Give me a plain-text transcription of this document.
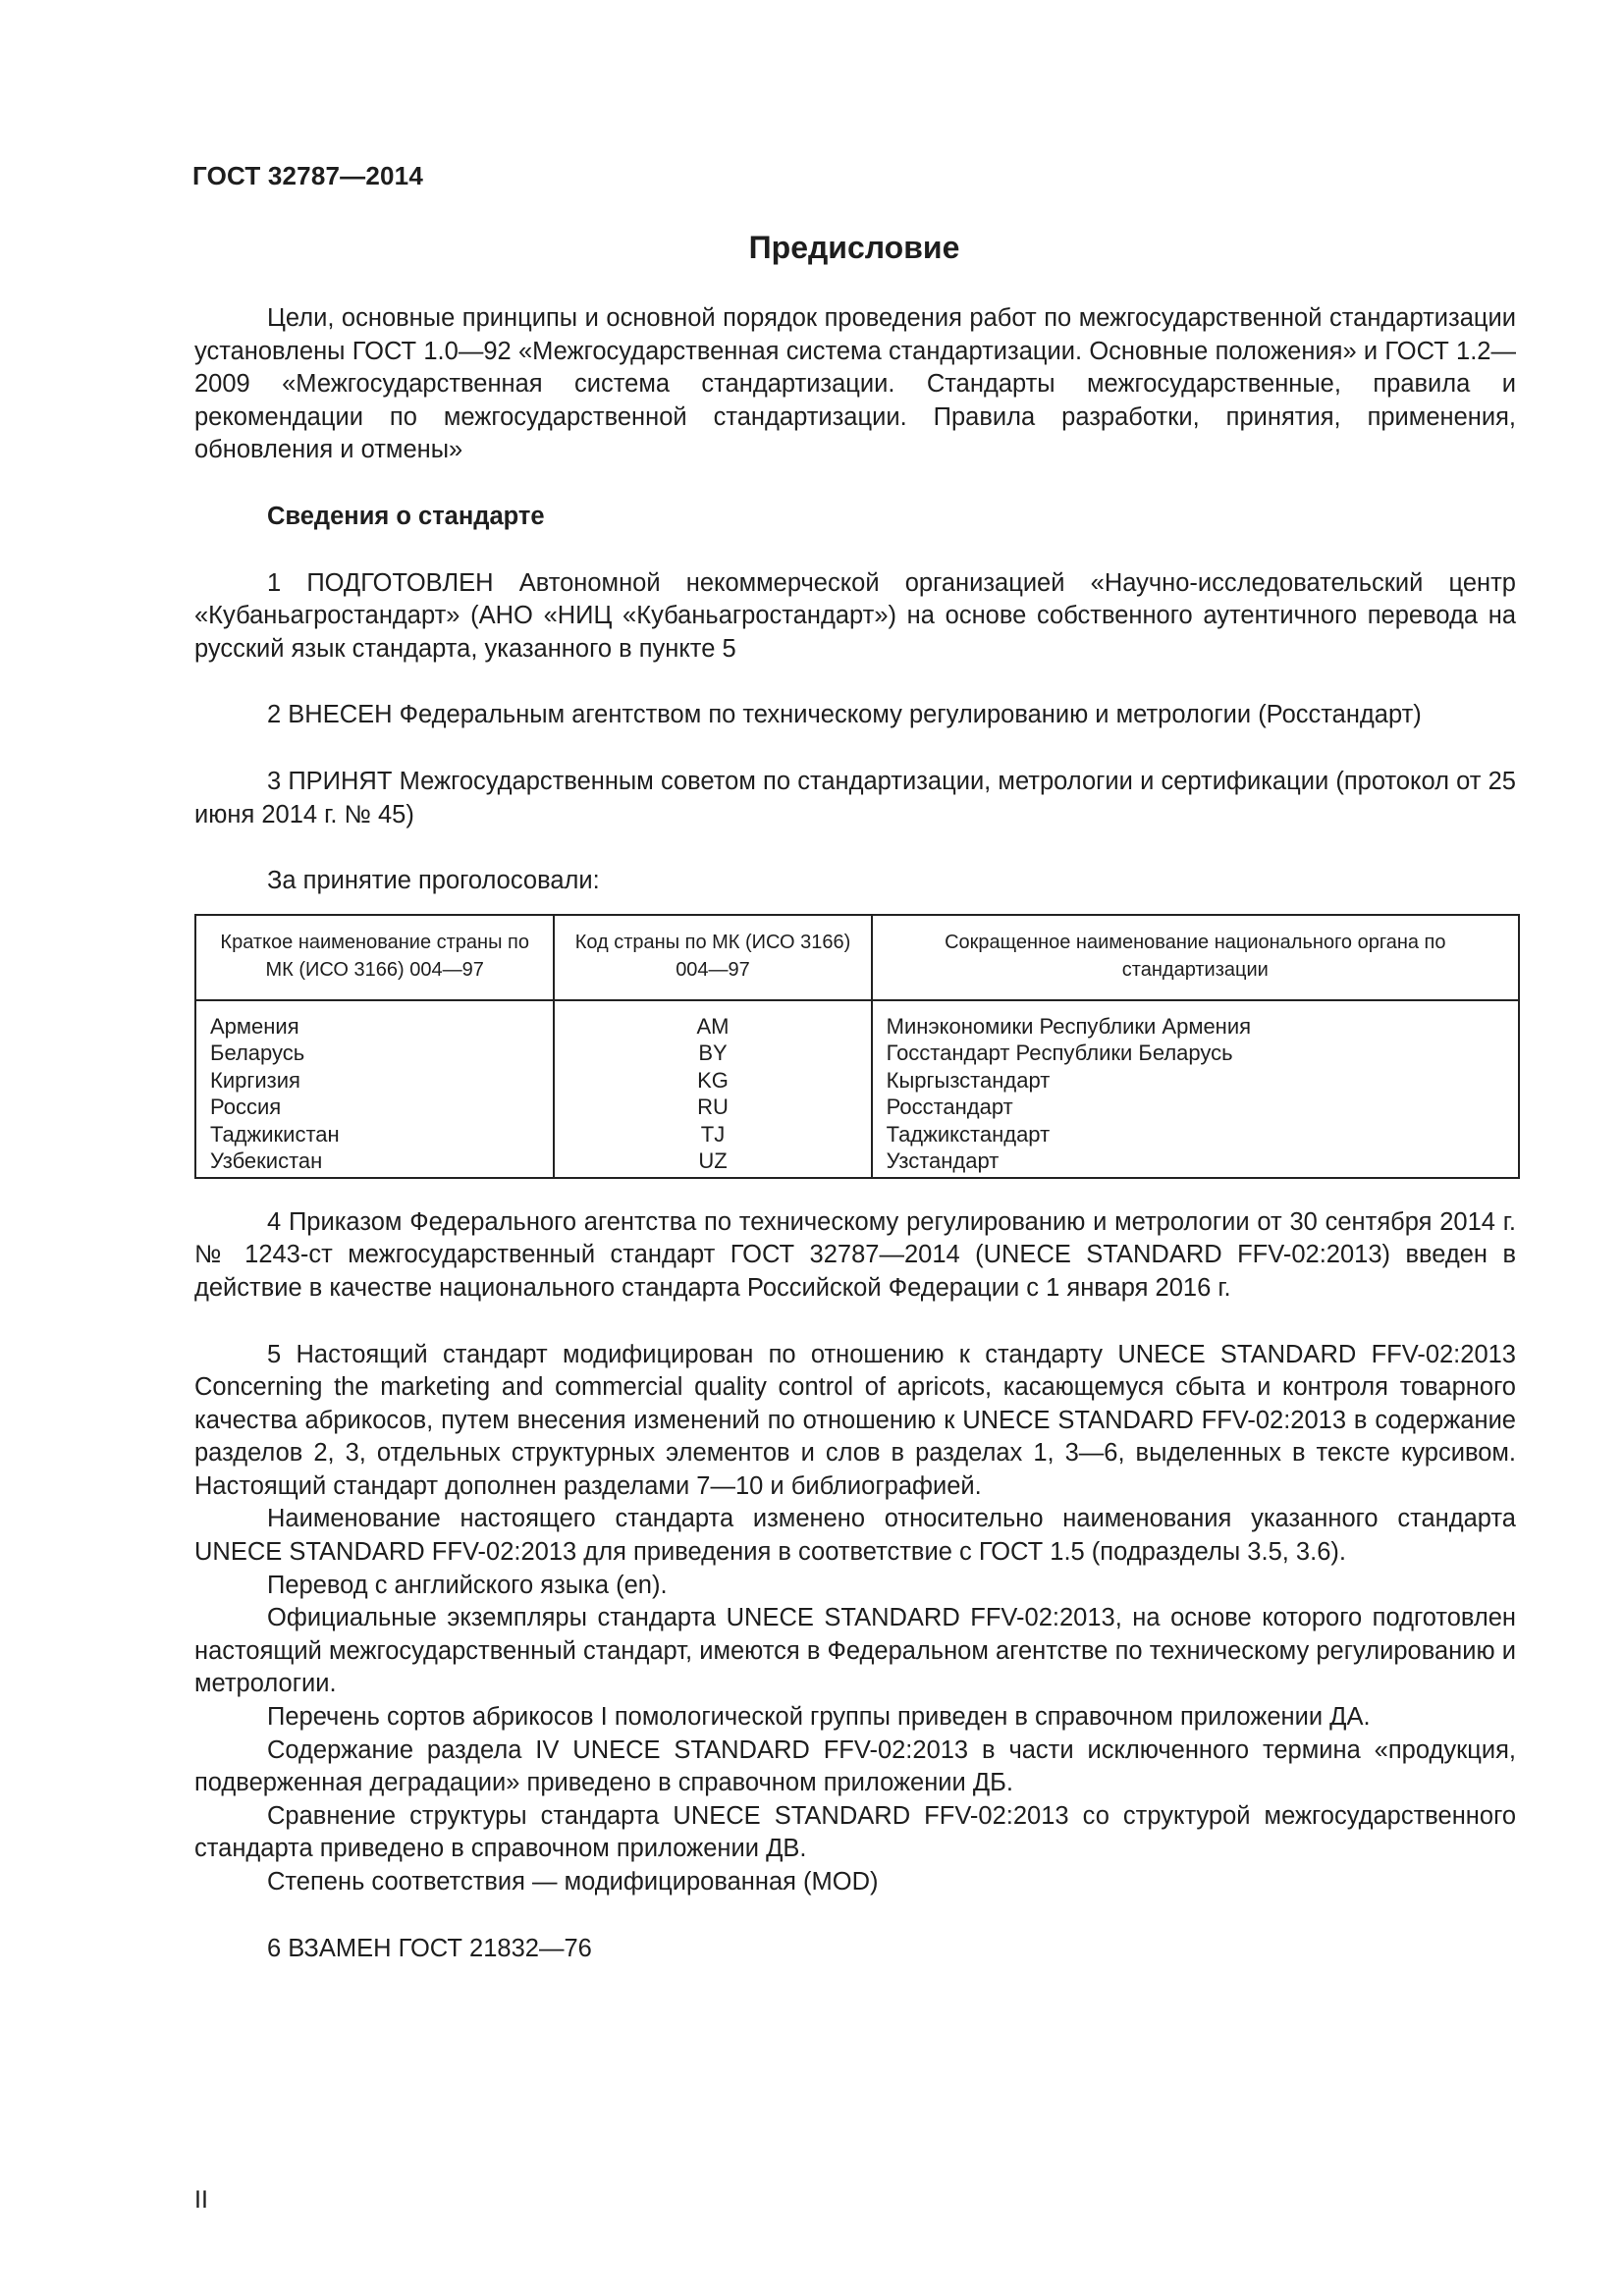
ГОСТ 32787—2014
Предисловие

Цели, основные принципы и основной порядок проведения работ по межгосударственной стандартизации установлены ГОСТ 1.0—92 «Межгосударственная система стандартизации. Основные положения» и ГОСТ 1.2—2009 «Межгосударственная система стандартизации. Стандарты межгосударственные, правила и рекомендации по межгосударственной стандартизации. Правила разработки, принятия, применения, обновления и отмены»

Сведения о стандарте

1 ПОДГОТОВЛЕН Автономной некоммерческой организацией «Научно-исследовательский центр «Кубаньагростандарт» (АНО «НИЦ «Кубаньагростандарт») на основе собственного аутентичного перевода на русский язык стандарта, указанного в пункте 5

2 ВНЕСЕН Федеральным агентством по техническому регулированию и метрологии (Росстандарт)

3 ПРИНЯТ Межгосударственным советом по стандартизации, метрологии и сертификации (протокол от 25 июня 2014 г. № 45)

За принятие проголосовали:

Краткое наименование страны по МК (ИСО 3166) 004—97	Код страны по МК (ИСО 3166) 004—97	Сокращенное наименование национального органа по стандартизации
Армения	AM	Минэкономики Республики Армения
Беларусь	BY	Госстандарт Республики Беларусь
Киргизия	KG	Кыргызстандарт
Россия	RU	Росстандарт
Таджикистан	TJ	Таджикстандарт
Узбекистан	UZ	Узстандарт

4 Приказом Федерального агентства по техническому регулированию и метрологии от 30 сентября 2014 г. № 1243-ст межгосударственный стандарт ГОСТ 32787—2014 (UNECE STANDARD FFV-02:2013) введен в действие в качестве национального стандарта Российской Федерации с 1 января 2016 г.

5 Настоящий стандарт модифицирован по отношению к стандарту UNECE STANDARD FFV-02:2013 Concerning the marketing and commercial quality control of apricots, касающемуся сбыта и контроля товарного качества абрикосов, путем внесения изменений по отношению к UNECE STANDARD FFV-02:2013 в содержание разделов 2, 3, отдельных структурных элементов и слов в разделах 1, 3—6, выделенных в тексте курсивом. Настоящий стандарт дополнен разделами 7—10 и библиографией.

Наименование настоящего стандарта изменено относительно наименования указанного стандарта UNECE STANDARD FFV-02:2013 для приведения в соответствие с ГОСТ 1.5 (подразделы 3.5, 3.6).

Перевод с английского языка (en).

Официальные экземпляры стандарта UNECE STANDARD FFV-02:2013, на основе которого подготовлен настоящий межгосударственный стандарт, имеются в Федеральном агентстве по техническому регулированию и метрологии.

Перечень сортов абрикосов I помологической группы приведен в справочном приложении ДА.

Содержание раздела IV UNECE STANDARD FFV-02:2013 в части исключенного термина «продукция, подверженная деградации» приведено в справочном приложении ДБ.

Сравнение структуры стандарта UNECE STANDARD FFV-02:2013 со структурой межгосударственного стандарта приведено в справочном приложении ДВ.

Степень соответствия — модифицированная (MOD)

6 ВЗАМЕН ГОСТ 21832—76

II
